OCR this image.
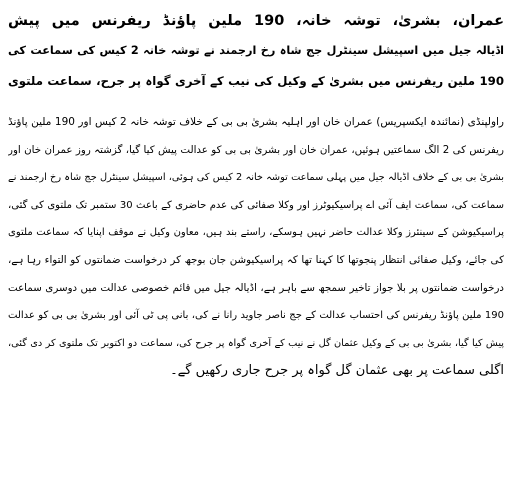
عمران، بشریٰ، توشہ خانہ، 190 ملین پاؤنڈ ریفرنس میں پیش
اڈیالہ جیل میں اسپیشل سینٹرل جج شاہ رخ ارجمند نے توشہ خانہ 2 کیس کی سماعت کی
190 ملین ریفرنس میں بشریٰ کے وکیل کی نیب کے آخری گواہ پر جرح، سماعت ملتوی
راولپنڈی (نمائندہ ایکسپریس) عمران خان اور اہلیہ بشریٰ بی بی کے خلاف توشہ خانہ 2 کیس اور 190 ملین پاؤنڈ
ریفرنس کی 2 الگ سماعتیں ہوئیں، عمران خان اور بشریٰ بی بی کو عدالت پیش کیا گیا، گزشتہ روز عمران خان اور
بشریٰ بی بی کے خلاف اڈیالہ جیل میں پہلی سماعت توشہ خانہ 2 کیس کی ہوئی، اسپیشل سینٹرل جج شاہ رخ ارجمند نے
سماعت کی، سماعت ایف آئی اے پراسیکیوٹرز اور وکلا صفائی کی عدم حاضری کے باعث 30 ستمبر تک ملتوی کی گئی،
پراسیکیوشن کے سینئرز وکلا عدالت حاضر نہیں ہوسکے، راستے بند ہیں، معاون وکیل نے موقف اپنایا کہ سماعت ملتوی
کی جائے، وکیل صفائی انتظار پنجوتھا کا کہنا تھا کہ پراسیکیوشن جان بوجھ کر درخواست ضمانتوں کو التواء رہا ہے،
درخواست ضمانتوں پر بلا جواز تاخیر سمجھ سے باہر ہے، اڈیالہ جیل میں قائم خصوصی عدالت میں دوسری سماعت
190 ملین پاؤنڈ ریفرنس کی احتساب عدالت کے جج ناصر جاوید رانا نے کی، بانی پی ٹی آئی اور بشریٰ بی بی کو عدالت
پیش کیا گیا، بشریٰ بی بی کے وکیل عثمان گل نے نیب کے آخری گواہ پر جرح کی، سماعت دو اکتوبر تک ملتوی کر دی گئی،
اگلی سماعت پر بھی عثمان گل گواہ پر جرح جاری رکھیں گے۔
